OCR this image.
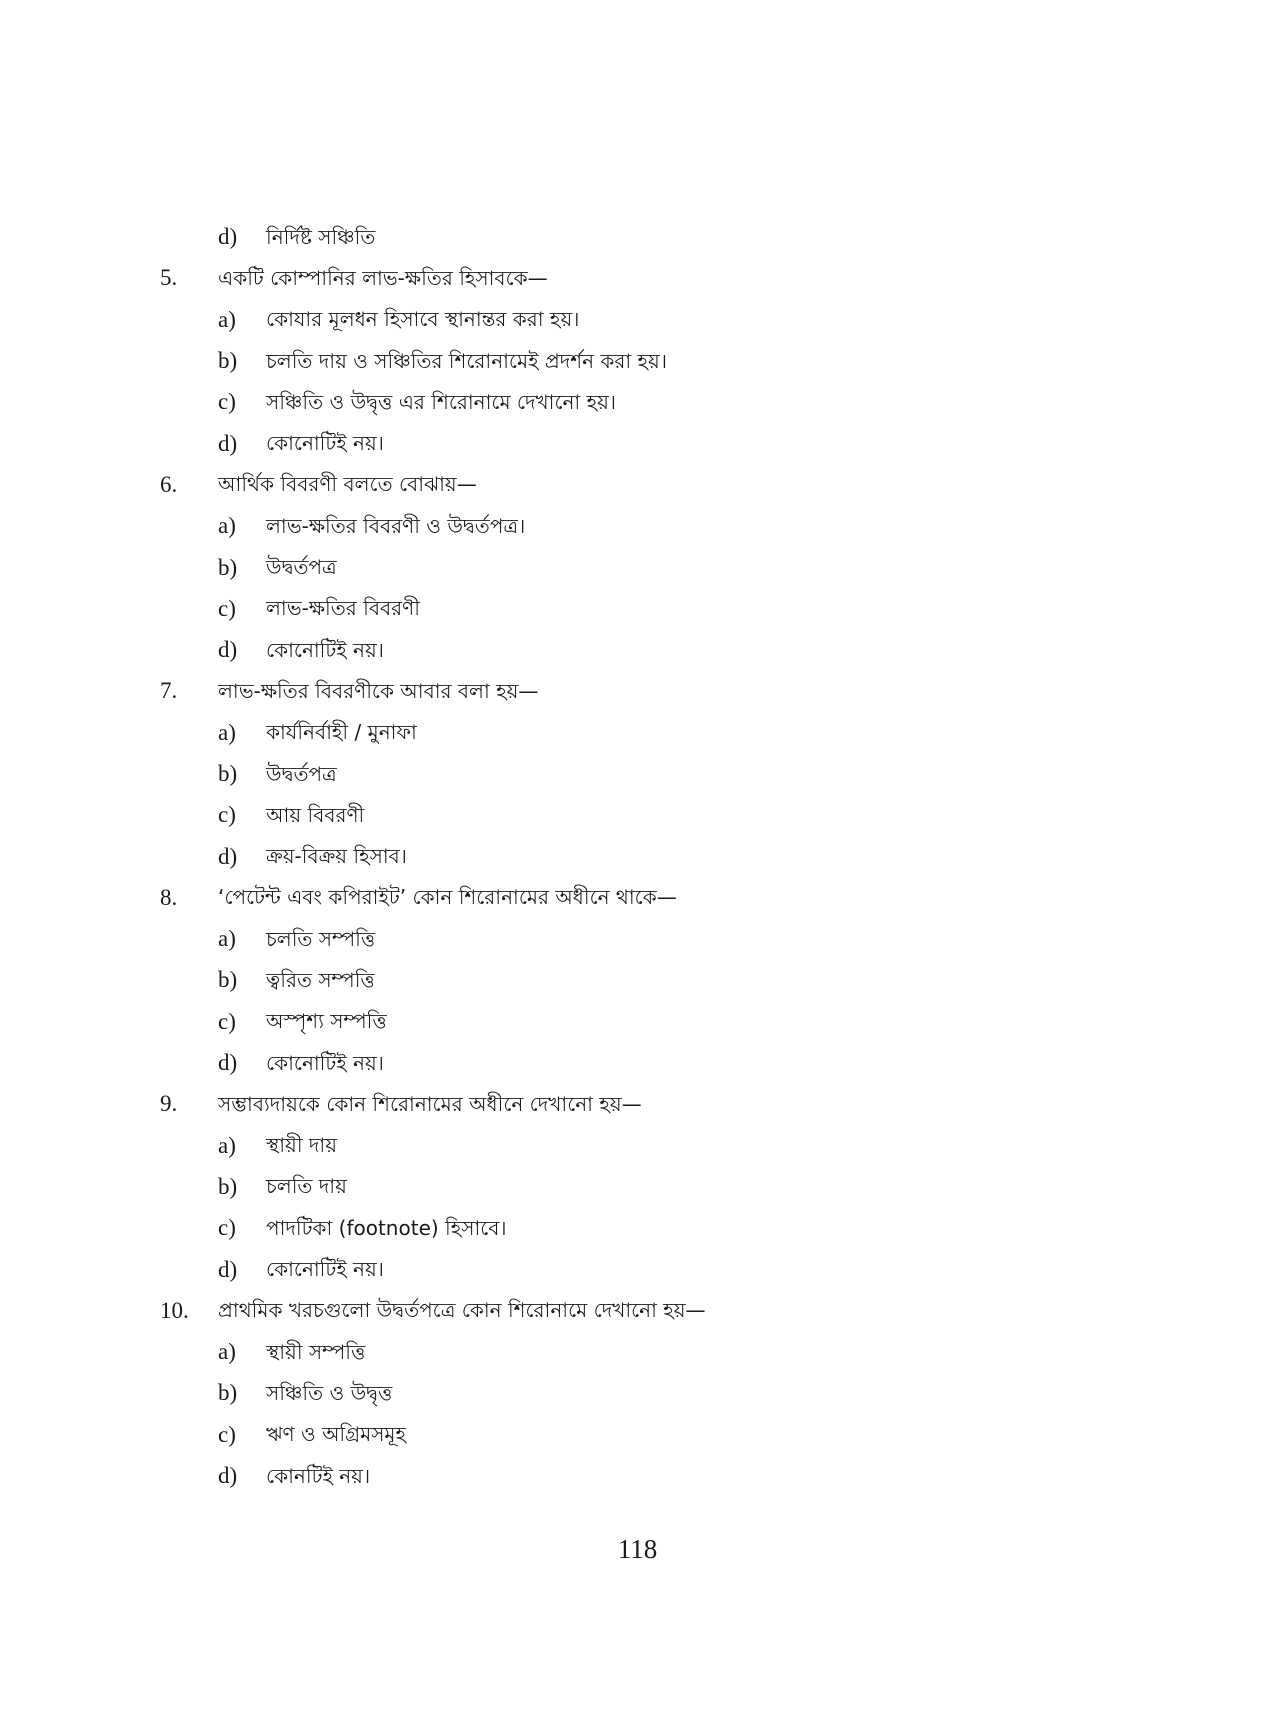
d)	নির্দিষ্ট সঞ্চিতি
5.	একটি কোম্পানির লাভ-ক্ষতির হিসাবকে—
a)	কোযার মূলধন হিসাবে স্থানান্তর করা হয়।
b)	চলতি দায় ও সঞ্চিতির শিরোনামেই প্রদর্শন করা হয়।
c)	সঞ্চিতি ও উদ্বৃত্ত এর শিরোনামে দেখানো হয়।
d)	কোনোটিই নয়।
6.	আর্থিক বিবরণী বলতে বোঝায়—
a)	লাভ-ক্ষতির বিবরণী ও উদ্বর্তপত্র।
b)	উদ্বর্তপত্র
c)	লাভ-ক্ষতির বিবরণী
d)	কোনোটিই নয়।
7.	লাভ-ক্ষতির বিবরণীকে আবার বলা হয়—
a)	কার্যনির্বাহী / মুনাফা
b)	উদ্বর্তপত্র
c)	আয় বিবরণী
d)	ক্রয়-বিক্রয় হিসাব।
8.	‘পেটেন্ট এবং কপিরাইট’ কোন শিরোনামের অধীনে থাকে—
a)	চলতি সম্পত্তি
b)	ত্বরিত সম্পত্তি
c)	অস্পৃশ্য সম্পত্তি
d)	কোনোটিই নয়।
9.	সম্ভাব্যদায়কে কোন শিরোনামের অধীনে দেখানো হয়—
a)	স্থায়ী দায়
b)	চলতি দায়
c)	পাদটিকা (footnote) হিসাবে।
d)	কোনোটিই নয়।
10.	প্রাথমিক খরচগুলো উদ্বর্তপত্রে কোন শিরোনামে দেখানো হয়—
a)	স্থায়ী সম্পত্তি
b)	সঞ্চিতি ও উদ্বৃত্ত
c)	ঋণ ও অগ্রিমসমূহ
d)	কোনটিই নয়।
118
